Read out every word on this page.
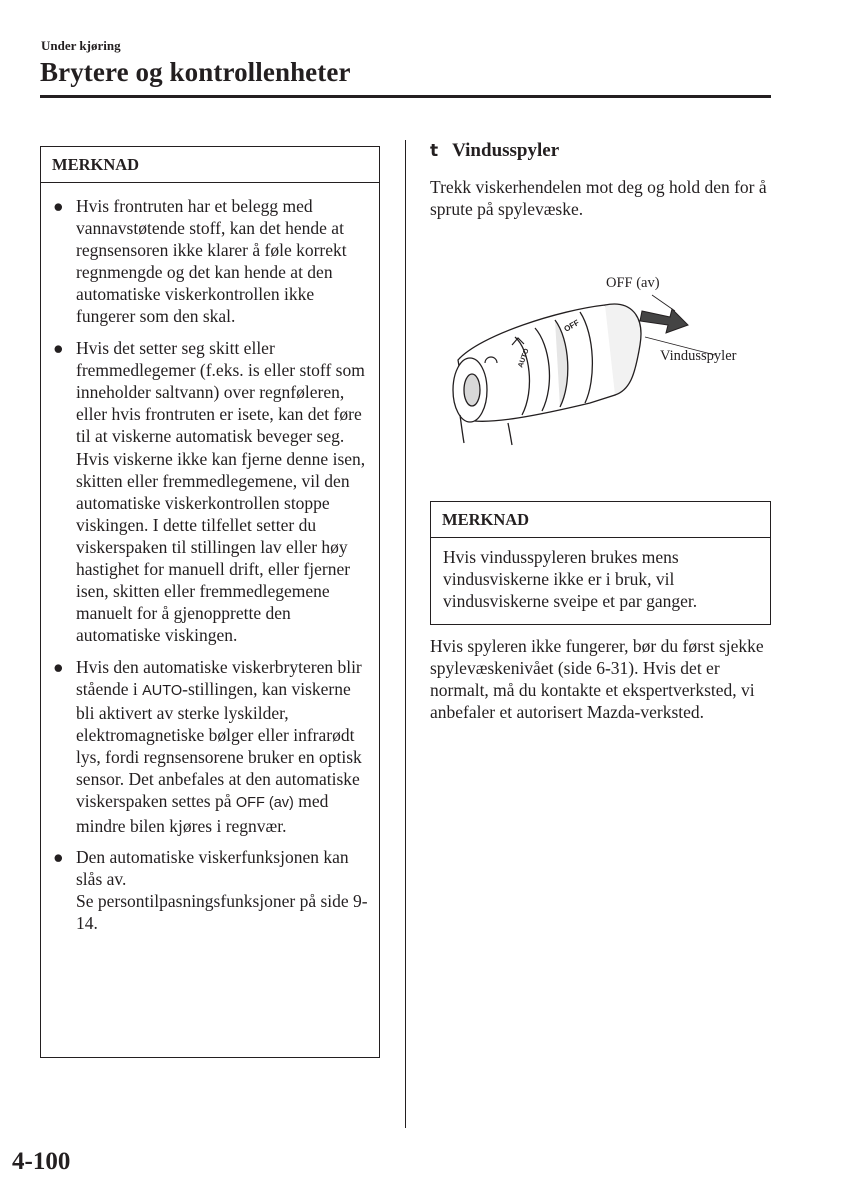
Under kjøring
Brytere og kontrollenheter
MERKNAD
● Hvis frontruten har et belegg med vannavstøtende stoff, kan det hende at regnsensoren ikke klarer å føle korrekt regnmengde og det kan hende at den automatiske viskerkontrollen ikke fungerer som den skal.
● Hvis det setter seg skitt eller fremmedlegemer (f.eks. is eller stoff som inneholder saltvann) over regnføleren, eller hvis frontruten er isete, kan det føre til at viskerne automatisk beveger seg. Hvis viskerne ikke kan fjerne denne isen, skitten eller fremmedlegemene, vil den automatiske viskerkontrollen stoppe viskingen. I dette tilfellet setter du viskerspaken til stillingen lav eller høy hastighet for manuell drift, eller fjerner isen, skitten eller fremmedlegemene manuelt for å gjenopprette den automatiske viskingen.
● Hvis den automatiske viskerbryteren blir stående i AUTO-stillingen, kan viskerne bli aktivert av sterke lyskilder, elektromagnetiske bølger eller infrarødt lys, fordi regnsensorene bruker en optisk sensor. Det anbefales at den automatiske viskerspaken settes på OFF (av) med mindre bilen kjøres i regnvær.
● Den automatiske viskerfunksjonen kan slås av.
Se persontilpasningsfunksjoner på side 9-14.
t Vindusspyler
Trekk viskerhendelen mot deg og hold den for å sprute på spylevæske.
OFF
AUTO
OFF (av)
Vindusspyler
MERKNAD
Hvis vindusspyleren brukes mens vindusviskerne ikke er i bruk, vil vindusviskerne sveipe et par ganger.
Hvis spyleren ikke fungerer, bør du først sjekke spylevæskenivået (side 6-31). Hvis det er normalt, må du kontakte et ekspertverksted, vi anbefaler et autorisert Mazda-verksted.
4-100
